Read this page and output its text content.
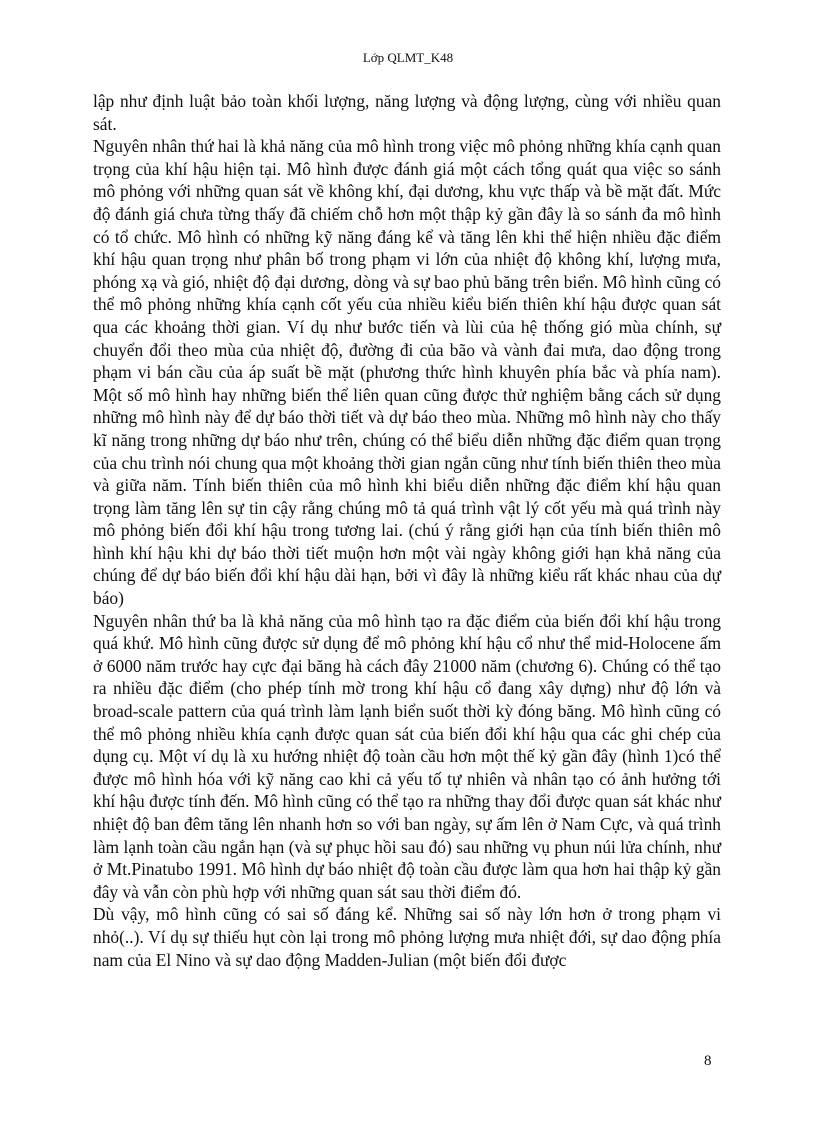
Lớp QLMT_K48

lập như định luật bảo toàn khối lượng, năng lượng và động lượng, cùng với nhiều quan sát.

Nguyên nhân thứ hai là khả năng của mô hình trong việc mô phỏng những khía cạnh quan trọng của khí hậu hiện tại. Mô hình được đánh giá một cách tổng quát qua việc so sánh mô phỏng với những quan sát về không khí, đại dương, khu vực thấp và bề mặt đất. Mức độ đánh giá chưa từng thấy đã chiếm chỗ hơn một thập kỷ gần đây là so sánh đa mô hình có tổ chức. Mô hình có những kỹ năng đáng kể và tăng lên khi thể hiện nhiều đặc điểm khí hậu quan trọng như phân bố trong phạm vi lớn của nhiệt độ không khí, lượng mưa, phóng xạ và gió, nhiệt độ đại dương, dòng và sự bao phủ băng trên biển. Mô hình cũng có thể mô phỏng những khía cạnh cốt yếu của nhiều kiểu biến thiên khí hậu được quan sát qua các khoảng thời gian. Ví dụ như bước tiến và lùi của hệ thống gió mùa chính, sự chuyển đổi theo mùa của nhiệt độ, đường đi của bão và vành đai mưa, dao động trong phạm vi bán cầu của áp suất bề mặt (phương thức hình khuyên phía bắc và phía nam). Một số mô hình hay những biến thể liên quan cũng được thử nghiệm bằng cách sử dụng những mô hình này để dự báo thời tiết và dự báo theo mùa. Những mô hình này cho thấy kĩ năng trong những dự báo như trên, chúng có thể biểu diễn những đặc điểm quan trọng của chu trình nói chung qua một khoảng thời gian ngắn cũng như tính biến thiên theo mùa và giữa năm. Tính biến thiên của mô hình khi biểu diễn những đặc điểm khí hậu quan trọng làm tăng lên sự tin cậy rằng chúng mô tả quá trình vật lý cốt yếu mà quá trình này mô phỏng biến đổi khí hậu trong tương lai. (chú ý rằng giới hạn của tính biến thiên mô hình khí hậu khi dự báo thời tiết muộn hơn một vài ngày không giới hạn khả năng của chúng để dự báo biến đổi khí hậu dài hạn, bởi vì đây là những kiểu rất khác nhau của dự báo)

Nguyên nhân thứ ba là khả năng của mô hình tạo ra đặc điểm của biến đổi khí hậu trong quá khứ. Mô hình cũng được sử dụng để mô phỏng khí hậu cổ như thể mid-Holocene ấm ở 6000 năm trước hay cực đại băng hà cách đây 21000 năm (chương 6). Chúng có thể tạo ra nhiều đặc điểm (cho phép tính mờ trong khí hậu cổ đang xây dựng) như độ lớn và broad-scale pattern của quá trình làm lạnh biển suốt thời kỳ đóng băng. Mô hình cũng có thể mô phỏng nhiều khía cạnh được quan sát của biến đổi khí hậu qua các ghi chép của dụng cụ. Một ví dụ là xu hướng nhiệt độ toàn cầu hơn một thế kỷ gần đây (hình 1)có thể được mô hình hóa với kỹ năng cao khi cả yếu tố tự nhiên và nhân tạo có ảnh hưởng tới khí hậu được tính đến. Mô hình cũng có thể tạo ra những thay đổi được quan sát khác như nhiệt độ ban đêm tăng lên nhanh hơn so với ban ngày, sự ấm lên ở Nam Cực, và quá trình làm lạnh toàn cầu ngắn hạn (và sự phục hồi sau đó) sau những vụ phun núi lửa chính, như ở Mt.Pinatubo 1991. Mô hình dự báo nhiệt độ toàn cầu được làm qua hơn hai thập kỷ gần đây và vẫn còn phù hợp với những quan sát sau thời điểm đó.

Dù vậy, mô hình cũng có sai số đáng kể. Những sai số này lớn hơn ở trong phạm vi nhỏ(..). Ví dụ sự thiếu hụt còn lại trong mô phỏng lượng mưa nhiệt đới, sự dao động phía nam của El Nino và sự dao động Madden-Julian (một biến đổi được

8
